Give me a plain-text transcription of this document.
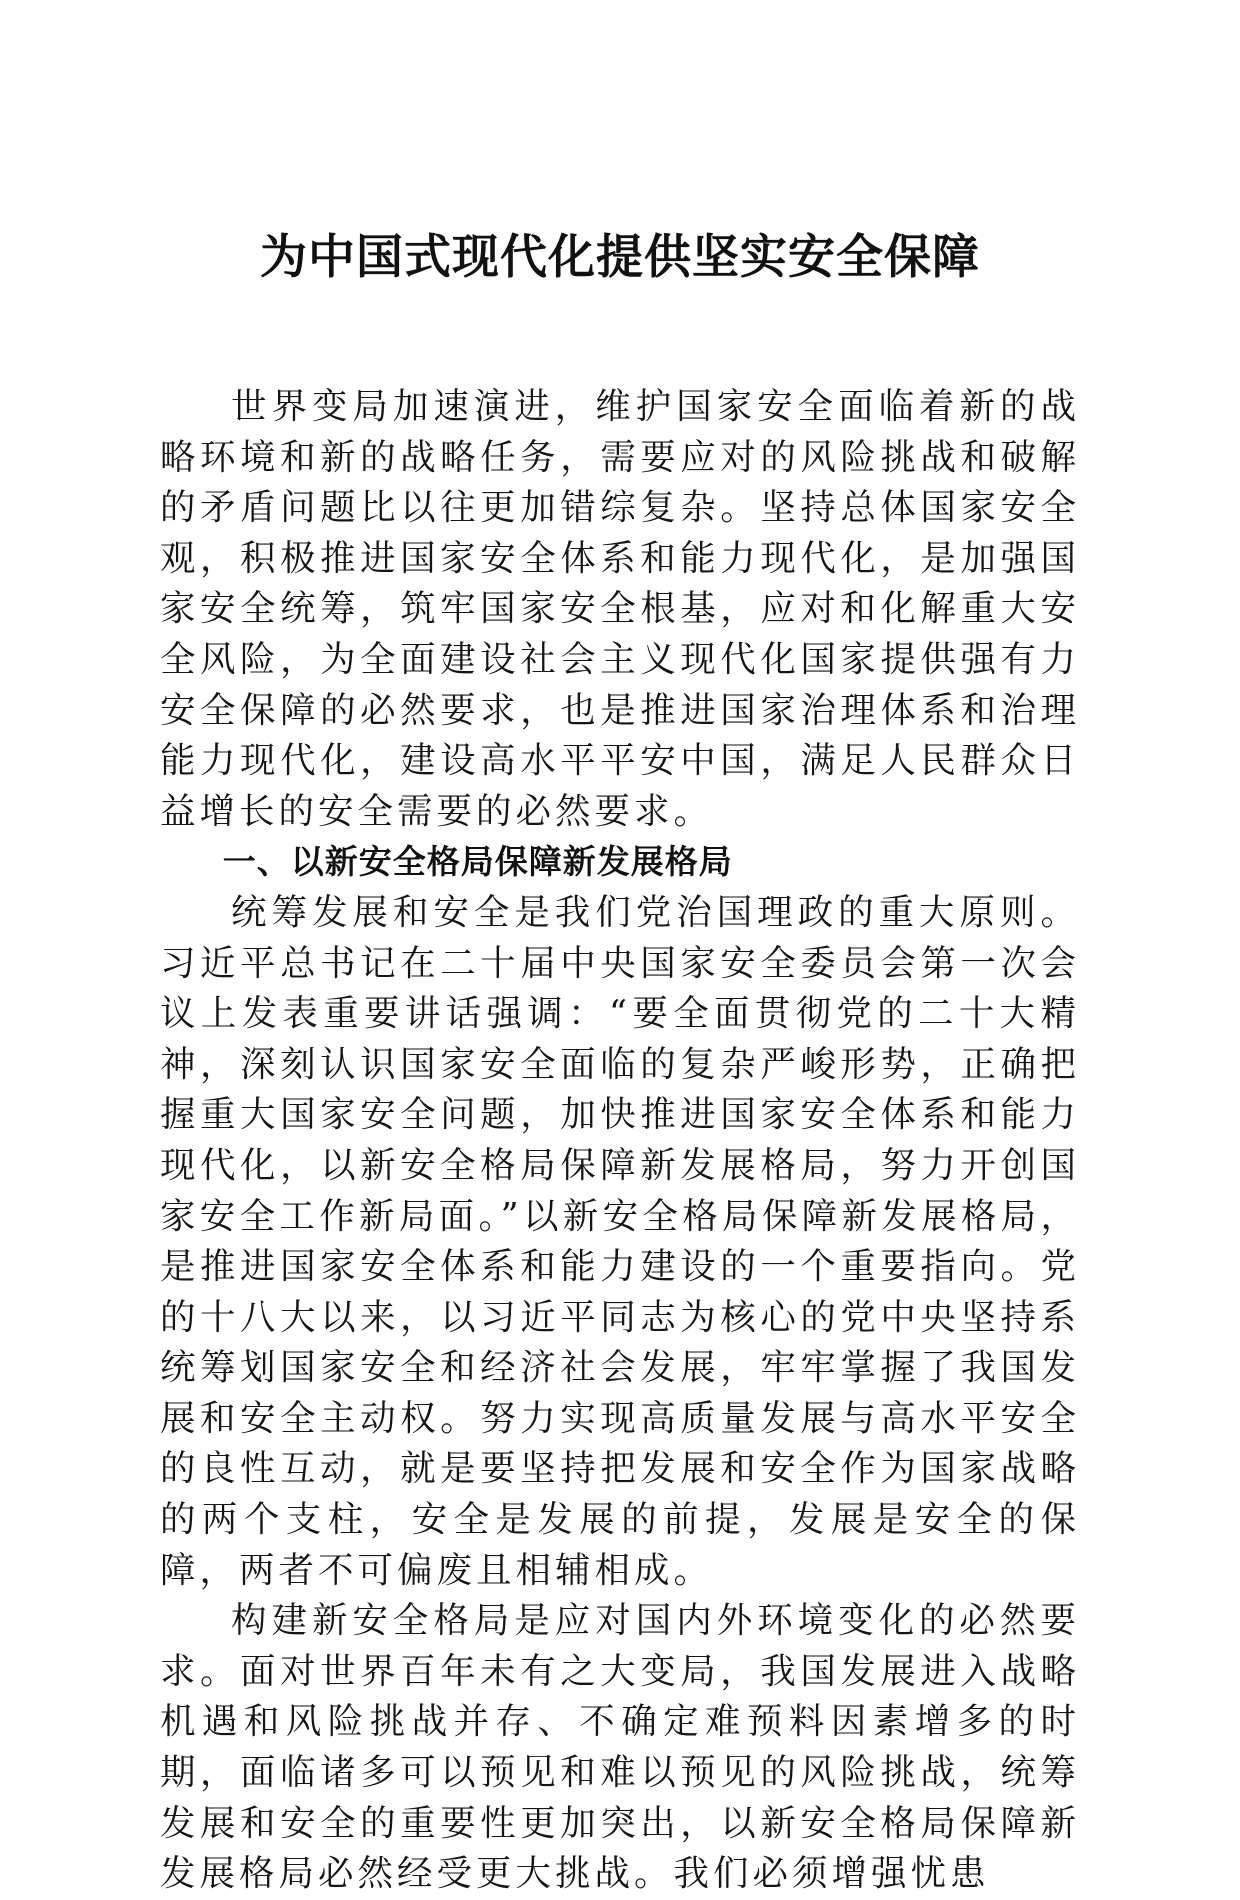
为中国式现代化提供坚实安全保障

世界变局加速演进，维护国家安全面临着新的战略环境和新的战略任务，需要应对的风险挑战和破解的矛盾问题比以往更加错综复杂。坚持总体国家安全观，积极推进国家安全体系和能力现代化，是加强国家安全统筹，筑牢国家安全根基，应对和化解重大安全风险，为全面建设社会主义现代化国家提供强有力安全保障的必然要求，也是推进国家治理体系和治理能力现代化，建设高水平平安中国，满足人民群众日益增长的安全需要的必然要求。

一、以新安全格局保障新发展格局

统筹发展和安全是我们党治国理政的重大原则。习近平总书记在二十届中央国家安全委员会第一次会议上发表重要讲话强调：“要全面贯彻党的二十大精神，深刻认识国家安全面临的复杂严峻形势，正确把握重大国家安全问题，加快推进国家安全体系和能力现代化，以新安全格局保障新发展格局，努力开创国家安全工作新局面。”以新安全格局保障新发展格局，是推进国家安全体系和能力建设的一个重要指向。党的十八大以来，以习近平同志为核心的党中央坚持系统筹划国家安全和经济社会发展，牢牢掌握了我国发展和安全主动权。努力实现高质量发展与高水平安全的良性互动，就是要坚持把发展和安全作为国家战略的两个支柱，安全是发展的前提，发展是安全的保障，两者不可偏废且相辅相成。

构建新安全格局是应对国内外环境变化的必然要求。面对世界百年未有之大变局，我国发展进入战略机遇和风险挑战并存、不确定难预料因素增多的时期，面临诸多可以预见和难以预见的风险挑战，统筹发展和安全的重要性更加突出，以新安全格局保障新发展格局必然经受更大挑战。我们必须增强忧患
